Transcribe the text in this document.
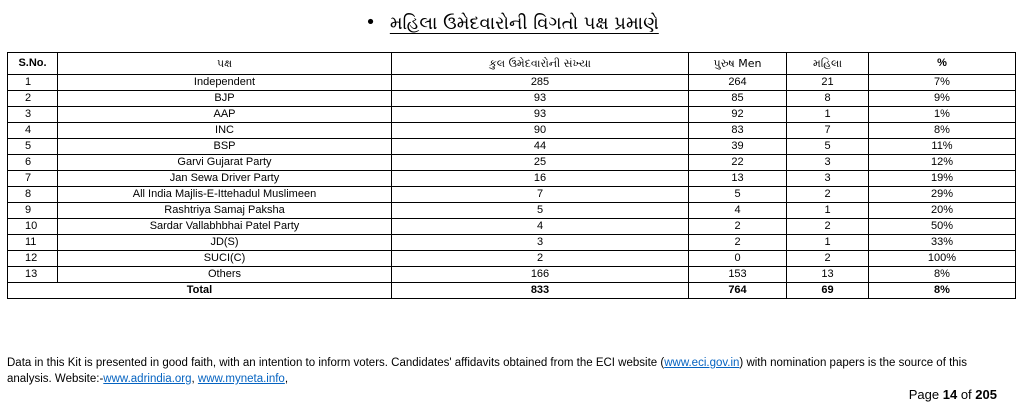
• મહિલા ઉમેદવારોની વિગતો પક્ષ પ્રમાણે
S.No.	પક્ષ	કુલ ઉમેદવારોની સંખ્યા	પુરુષ Men	મહિલા	%
1	Independent	285	264	21	7%
2	BJP	93	85	8	9%
3	AAP	93	92	1	1%
4	INC	90	83	7	8%
5	BSP	44	39	5	11%
6	Garvi Gujarat Party	25	22	3	12%
7	Jan Sewa Driver Party	16	13	3	19%
8	All India Majlis-E-Ittehadul Muslimeen	7	5	2	29%
9	Rashtriya Samaj Paksha	5	4	1	20%
10	Sardar Vallabhbhai Patel Party	4	2	2	50%
11	JD(S)	3	2	1	33%
12	SUCI(C)	2	0	2	100%
13	Others	166	153	13	8%
Total		833	764	69	8%
Data in this Kit is presented in good faith, with an intention to inform voters. Candidates' affidavits obtained from the ECI website (www.eci.gov.in) with nomination papers is the source of this analysis. Website:-www.adrindia.org, www.myneta.info,
Page 14 of 205
